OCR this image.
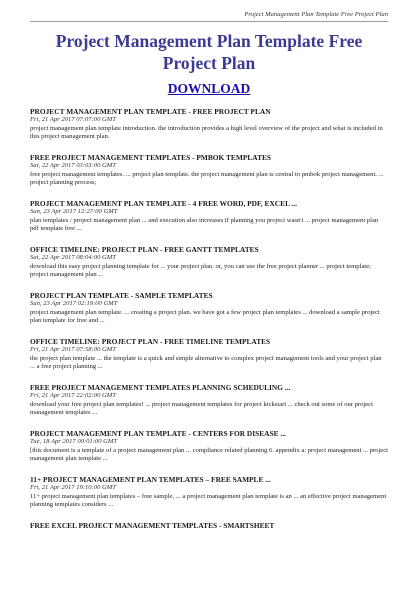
Project Management Plan Template Free Project Plan
Project Management Plan Template Free Project Plan
DOWNLOAD
PROJECT MANAGEMENT PLAN TEMPLATE - FREE PROJECT PLAN
Fri, 21 Apr 2017 07:07:00 GMT
project management plan template introduction. the introduction provides a high level overview of the project and what is included in this project management plan.
FREE PROJECT MANAGEMENT TEMPLATES - PMBOK TEMPLATES
Sat, 22 Apr 2017 03:03:00 GMT
free project management templates. ... project plan template. the project management plan is central to pmbok project management. ... project planning process;
PROJECT MANAGEMENT PLAN TEMPLATE - 4 FREE WORD, PDF, EXCEL ...
Sun, 23 Apr 2017 12:27:00 GMT
plan templates / project management plan ... and execution also increases if planning you project wasn't ... project management plan pdf template free ...
OFFICE TIMELINE: PROJECT PLAN - FREE GANTT TEMPLATES
Sat, 22 Apr 2017 08:04:00 GMT
download this easy project planning template for ... your project plan. or, you can use the free project planner ... project template; project management plan ...
PROJECT PLAN TEMPLATE - SAMPLE TEMPLATES
Sun, 23 Apr 2017 02:19:00 GMT
project management plan template. ... creating a project plan. we have got a few project plan templates ... download a sample project plan template for free and ...
OFFICE TIMELINE: PROJECT PLAN - FREE TIMELINE TEMPLATES
Fri, 21 Apr 2017 07:58:00 GMT
the project plan template ... the template is a quick and simple alternative to complex project management tools and your project plan ... a free project planning ...
FREE PROJECT MANAGEMENT TEMPLATES PLANNING SCHEDULING ...
Fri, 21 Apr 2017 22:02:00 GMT
download your free project plan templates! ... project management templates for project kickstart ... check out some of our project management templates ...
PROJECT MANAGEMENT PLAN TEMPLATE - CENTERS FOR DISEASE ...
Tue, 18 Apr 2017 00:01:00 GMT
[this document is a template of a project management plan ... compliance related planning 6. appendix a: project management ... project management plan template ...
11+ PROJECT MANAGEMENT PLAN TEMPLATES – FREE SAMPLE ...
Fri, 21 Apr 2017 19:10:00 GMT
11+ project management plan templates – free sample, ... a project management plan template is an ... an effective project management planning templates considers ...
FREE EXCEL PROJECT MANAGEMENT TEMPLATES - SMARTSHEET
